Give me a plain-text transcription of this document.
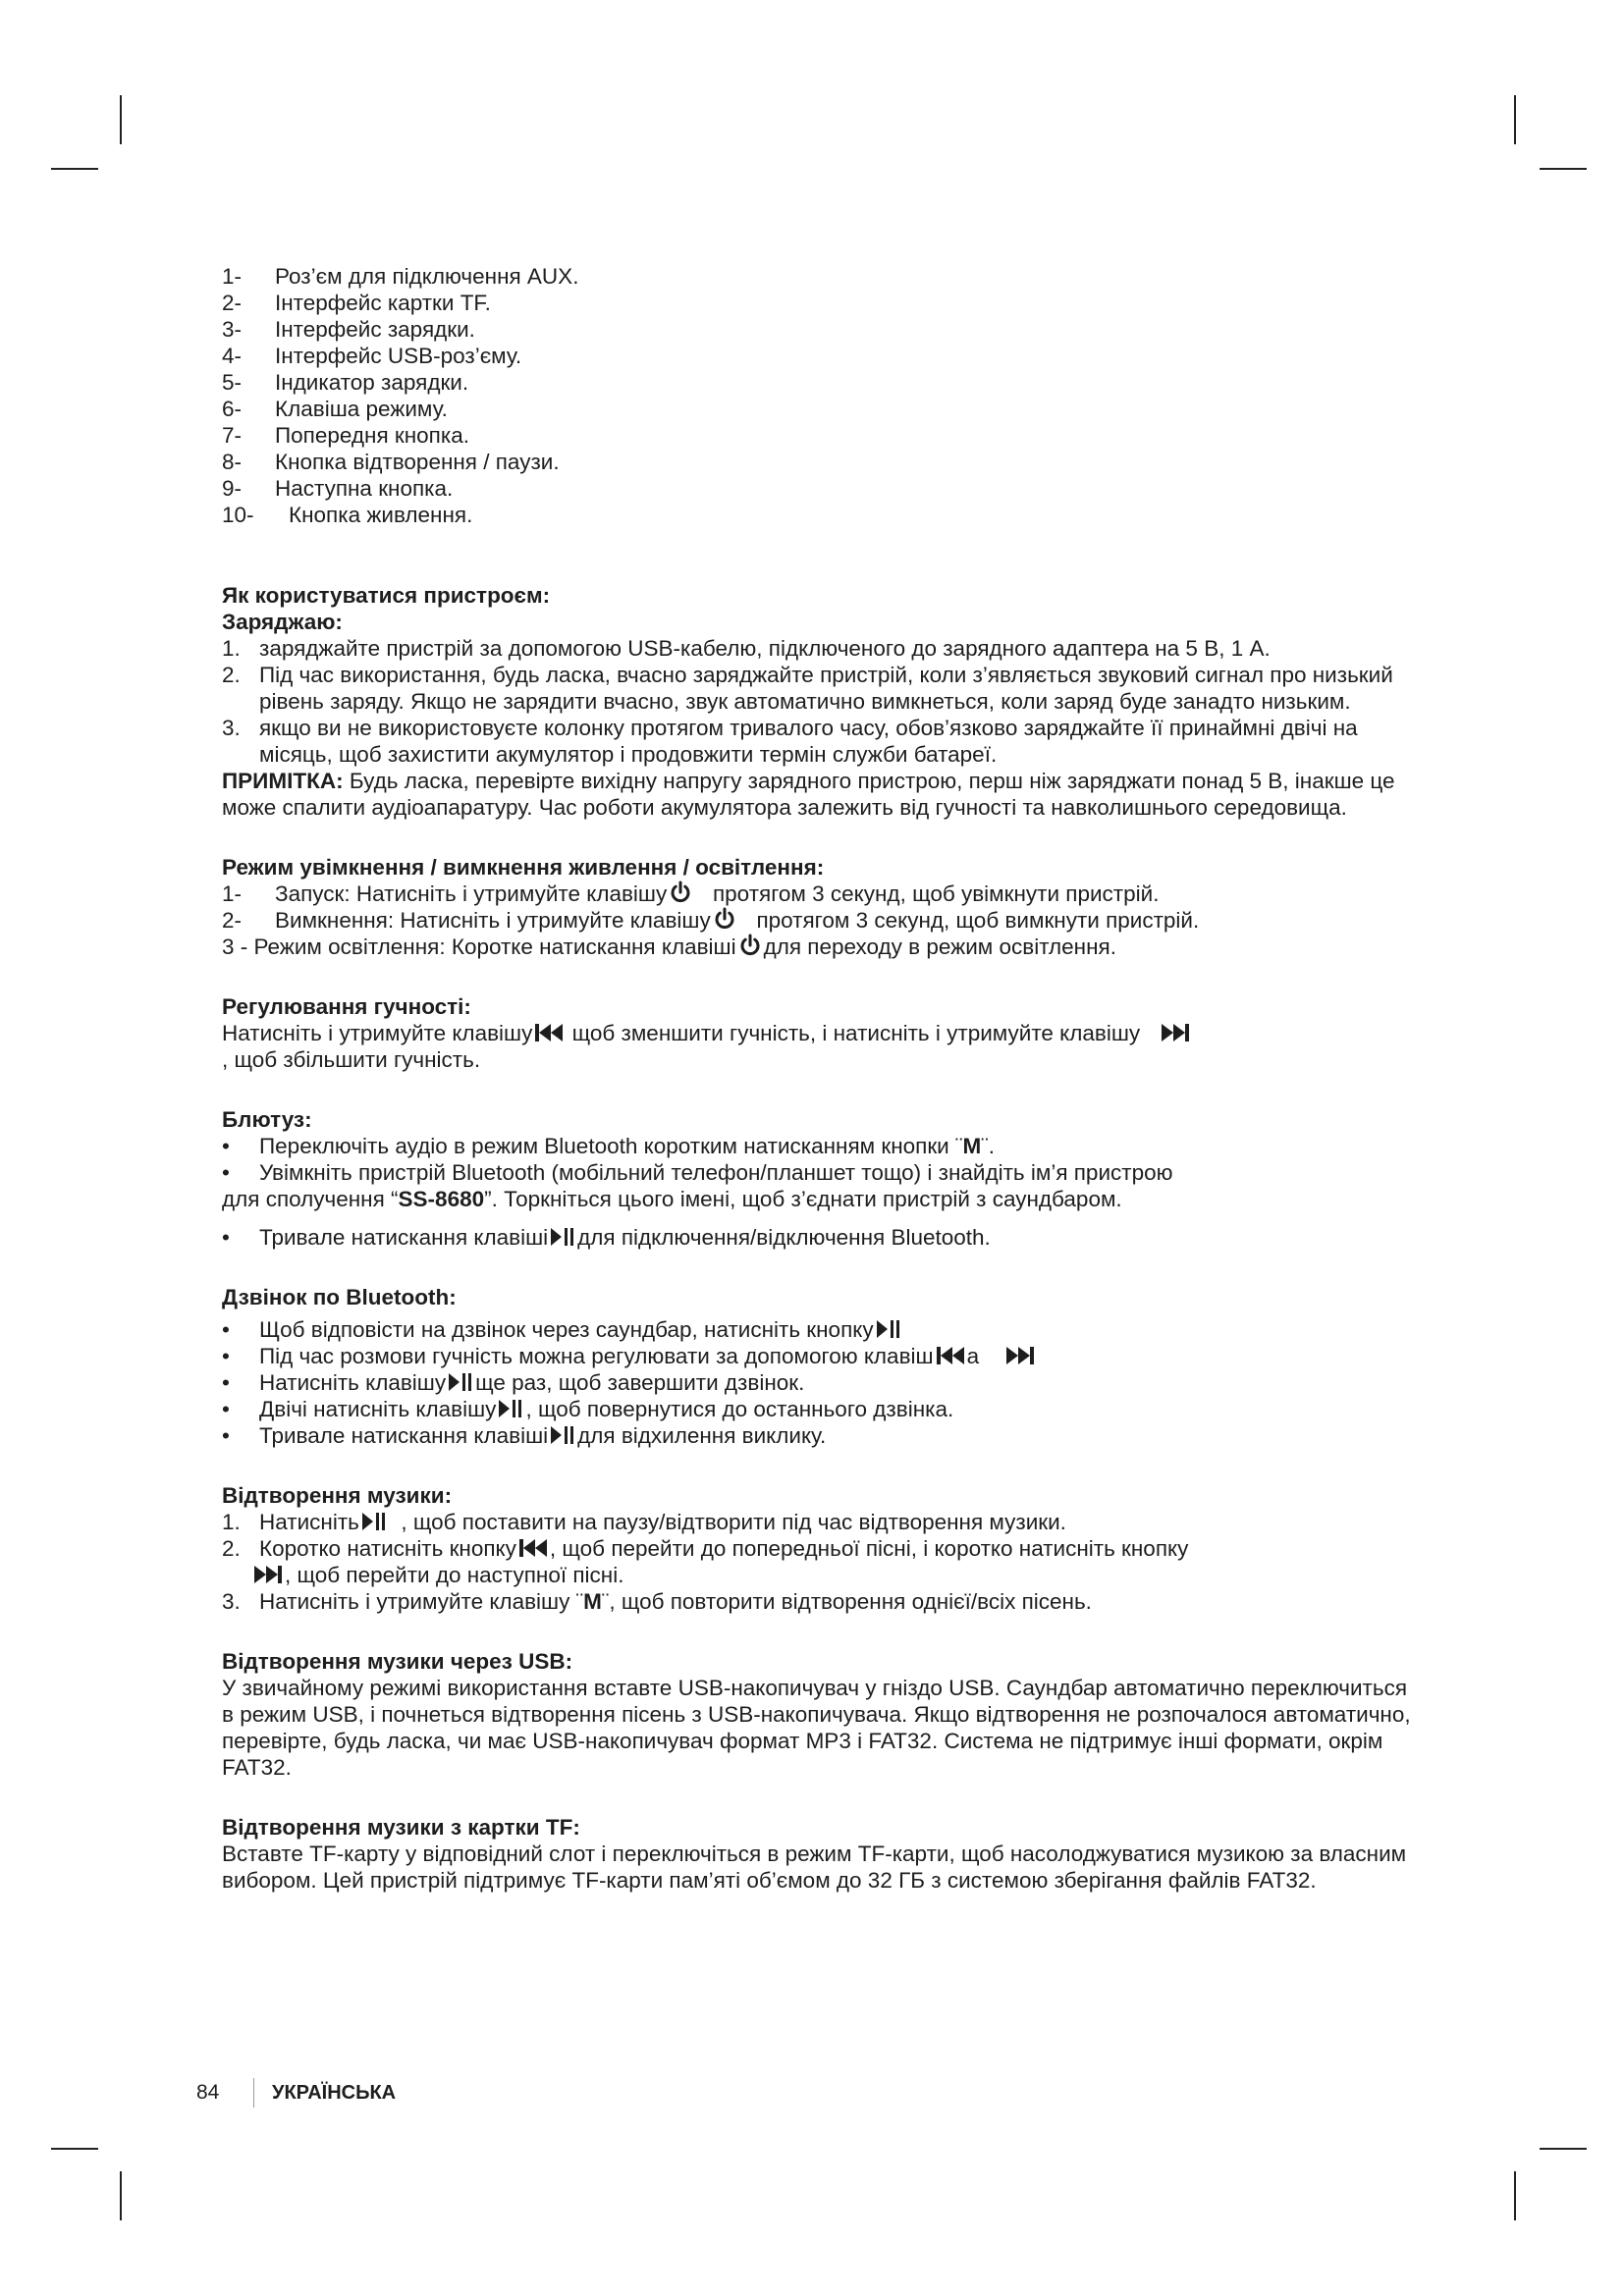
1-	Роз’єм для підключення AUX.
2-	Інтерфейс картки TF.
3-	Інтерфейс зарядки.
4-	Інтерфейс USB-роз’єму.
5-	Індикатор зарядки.
6-	Клавіша режиму.
7-	Попередня кнопка.
8-	Кнопка відтворення / паузи.
9-	Наступна кнопка.
10-	Кнопка живлення.
Як користуватися пристроєм:
Заряджаю:
1. заряджайте пристрій за допомогою USB-кабелю, підключеного до зарядного адаптера на 5 В, 1 А.
2. Під час використання, будь ласка, вчасно заряджайте пристрій, коли з’являється звуковий сигнал про низький рівень заряду. Якщо не зарядити вчасно, звук автоматично вимкнеться, коли заряд буде занадто низьким.
3. якщо ви не використовуєте колонку протягом тривалого часу, обов’язково заряджайте її принаймні двічі на місяць, щоб захистити акумулятор і продовжити термін служби батареї.
ПРИМІТКА: Будь ласка, перевірте вихідну напругу зарядного пристрою, перш ніж заряджати понад 5 В, інакше це може спалити аудіоапаратуру. Час роботи акумулятора залежить від гучності та навколишнього середовища.
Режим увімкнення / вимкнення живлення / освітлення:
1-	Запуск: Натисніть і утримуйте клавішу протягом 3 секунд, щоб увімкнути пристрій.
2-	Вимкнення: Натисніть і утримуйте клавішу протягом 3 секунд, щоб вимкнути пристрій.
3 - Режим освітлення: Коротке натискання клавіші для переходу в режим освітлення.
Регулювання гучності:
Натисніть і утримуйте клавішу щоб зменшити гучність, і натисніть і утримуйте клавішу
, щоб збільшити гучність.
Блютуз:
•	Переключіть аудіо в режим Bluetooth коротким натисканням кнопки ¨M¨.
•	Увімкніть пристрій Bluetooth (мобільний телефон/планшет тощо) і знайдіть ім’я пристрою
для сполучення “SS-8680”. Торкніться цього імені, щоб з’єднати пристрій з саундбаром.
•	Тривале натискання клавіші для підключення/відключення Bluetooth.
Дзвінок по Bluetooth:
•	Щоб відповісти на дзвінок через саундбар, натисніть кнопку
•	Під час розмови гучність можна регулювати за допомогою клавіш а
•	Натисніть клавішу ще раз, щоб завершити дзвінок.
•	Двічі натисніть клавішу , щоб повернутися до останнього дзвінка.
•	Тривале натискання клавіші для відхилення виклику.
Відтворення музики:
1. Натисніть , щоб поставити на паузу/відтворити під час відтворення музики.
2. Коротко натисніть кнопку , щоб перейти до попередньої пісні, і коротко натисніть кнопку
, щоб перейти до наступної пісні.
3. Натисніть і утримуйте клавішу ¨M¨, щоб повторити відтворення однієї/всіх пісень.
Відтворення музики через USB:
У звичайному режимі використання вставте USB-накопичувач у гніздо USB. Саундбар автоматично переключиться в режим USB, і почнеться відтворення пісень з USB-накопичувача. Якщо відтворення не розпочалося автоматично, перевірте, будь ласка, чи має USB-накопичувач формат MP3 і FAT32. Система не підтримує інші формати, окрім FAT32.
Відтворення музики з картки TF:
Вставте TF-карту у відповідний слот і переключіться в режим TF-карти, щоб насолоджуватися музикою за власним вибором. Цей пристрій підтримує TF-карти пам’яті об’ємом до 32 ГБ з системою зберігання файлів FAT32.
84	УКРАЇНСЬКА
